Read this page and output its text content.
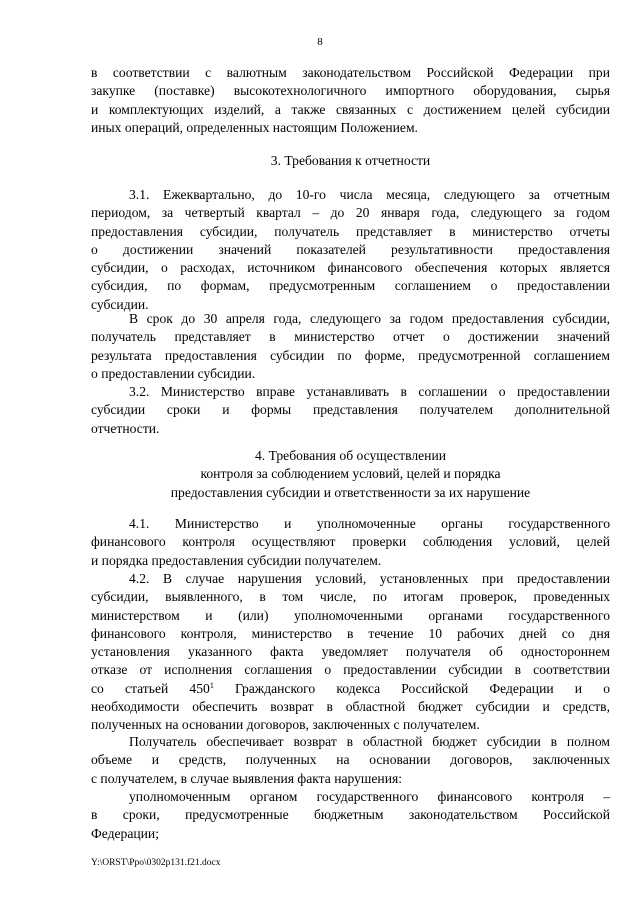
8

в соответствии с валютным законодательством Российской Федерации при

закупке (поставке) высокотехнологичного импортного оборудования, сырья

и комплектующих изделий, а также связанных с достижением целей субсидии

иных операций, определенных настоящим Положением.

3. Требования к отчетности

3.1. Ежеквартально, до 10-го числа месяца, следующего за отчетным

периодом, за четвертый квартал – до 20 января года, следующего за годом

предоставления субсидии, получатель представляет в министерство отчеты

о достижении значений показателей результативности предоставления

субсидии, о расходах, источником финансового обеспечения которых является

субсидия, по формам, предусмотренным соглашением о предоставлении

субсидии.

В срок до 30 апреля года, следующего за годом предоставления субсидии,

получатель представляет в министерство отчет о достижении значений

результата предоставления субсидии по форме, предусмотренной соглашением

о предоставлении субсидии.

3.2. Министерство вправе устанавливать в соглашении о предоставлении

субсидии сроки и формы представления получателем дополнительной

отчетности.

4. Требования об осуществлении

контроля за соблюдением условий, целей и порядка

предоставления субсидии и ответственности за их нарушение

4.1. Министерство и уполномоченные органы государственного

финансового контроля осуществляют проверки соблюдения условий, целей

и порядка предоставления субсидии получателем.

4.2. В случае нарушения условий, установленных при предоставлении

субсидии, выявленного, в том числе, по итогам проверок, проведенных

министерством и (или) уполномоченными органами государственного

финансового контроля, министерство в течение 10 рабочих дней со дня

установления указанного факта уведомляет получателя об одностороннем

отказе от исполнения соглашения о предоставлении субсидии в соответствии

со статьей $450^1$ Гражданского кодекса Российской Федерации и о

необходимости обеспечить возврат в областной бюджет субсидии и средств,

полученных на основании договоров, заключенных с получателем.

Получатель обеспечивает возврат в областной бюджет субсидии в полном

объеме и средств, полученных на основании договоров, заключенных

с получателем, в случае выявления факта нарушения:

уполномоченным органом государственного финансового контроля –

в сроки, предусмотренные бюджетным законодательством Российской

Федерации;

Y:\ORST\Ppo\0302p131.f21.docx
